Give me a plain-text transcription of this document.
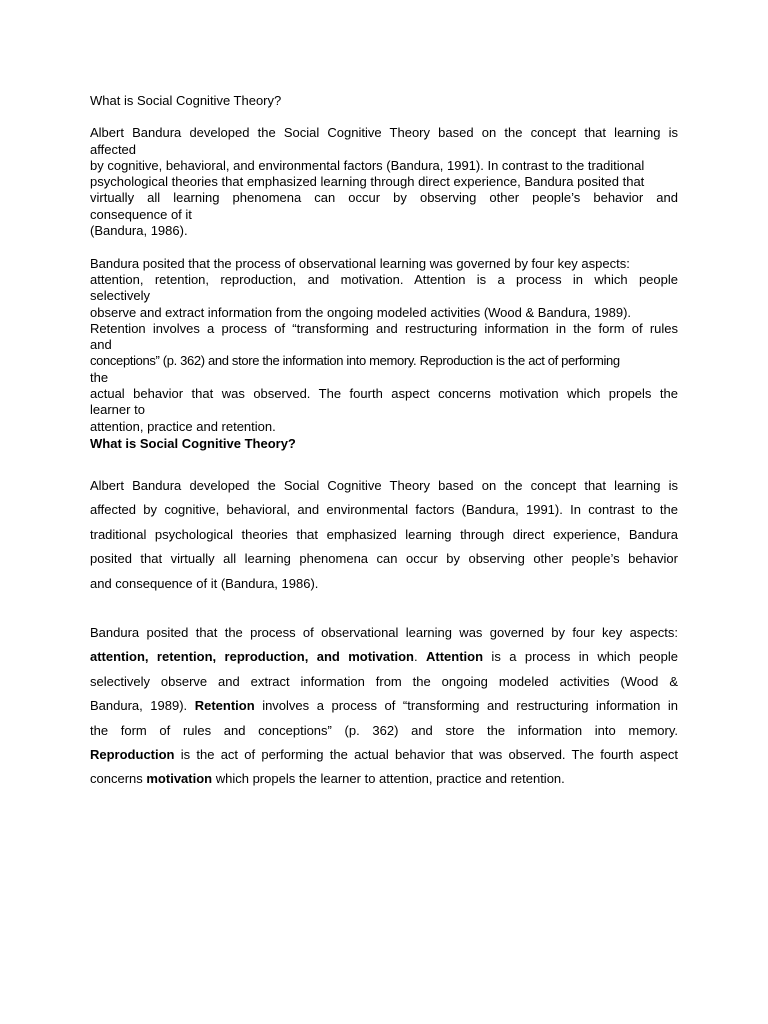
What is Social Cognitive Theory?

Albert Bandura developed the Social Cognitive Theory based on the concept that learning is
affected
by cognitive, behavioral, and environmental factors (Bandura, 1991). In contrast to the traditional
psychological theories that emphasized learning through direct experience, Bandura posited that
virtually all learning phenomena can occur by observing other people’s behavior and
consequence of it
(Bandura, 1986).

Bandura posited that the process of observational learning was governed by four key aspects:
attention, retention, reproduction, and motivation. Attention is a process in which people
selectively
observe and extract information from the ongoing modeled activities (Wood & Bandura, 1989).
Retention involves a process of “transforming and restructuring information in the form of rules
and
conceptions” (p. 362) and store the information into memory. Reproduction is the act of performing
the
actual behavior that was observed. The fourth aspect concerns motivation which propels the
learner to
attention, practice and retention.

What is Social Cognitive Theory?

Albert Bandura developed the Social Cognitive Theory based on the concept that learning is
affected by cognitive, behavioral, and environmental factors (Bandura, 1991). In contrast to the
traditional psychological theories that emphasized learning through direct experience, Bandura
posited that virtually all learning phenomena can occur by observing other people’s behavior
and consequence of it (Bandura, 1986).

Bandura posited that the process of observational learning was governed by four key aspects:
attention, retention, reproduction, and motivation. Attention is a process in which people
selectively observe and extract information from the ongoing modeled activities (Wood &
Bandura, 1989). Retention involves a process of “transforming and restructuring information in
the form of rules and conceptions” (p. 362) and store the information into memory.
Reproduction is the act of performing the actual behavior that was observed. The fourth aspect
concerns motivation which propels the learner to attention, practice and retention.
